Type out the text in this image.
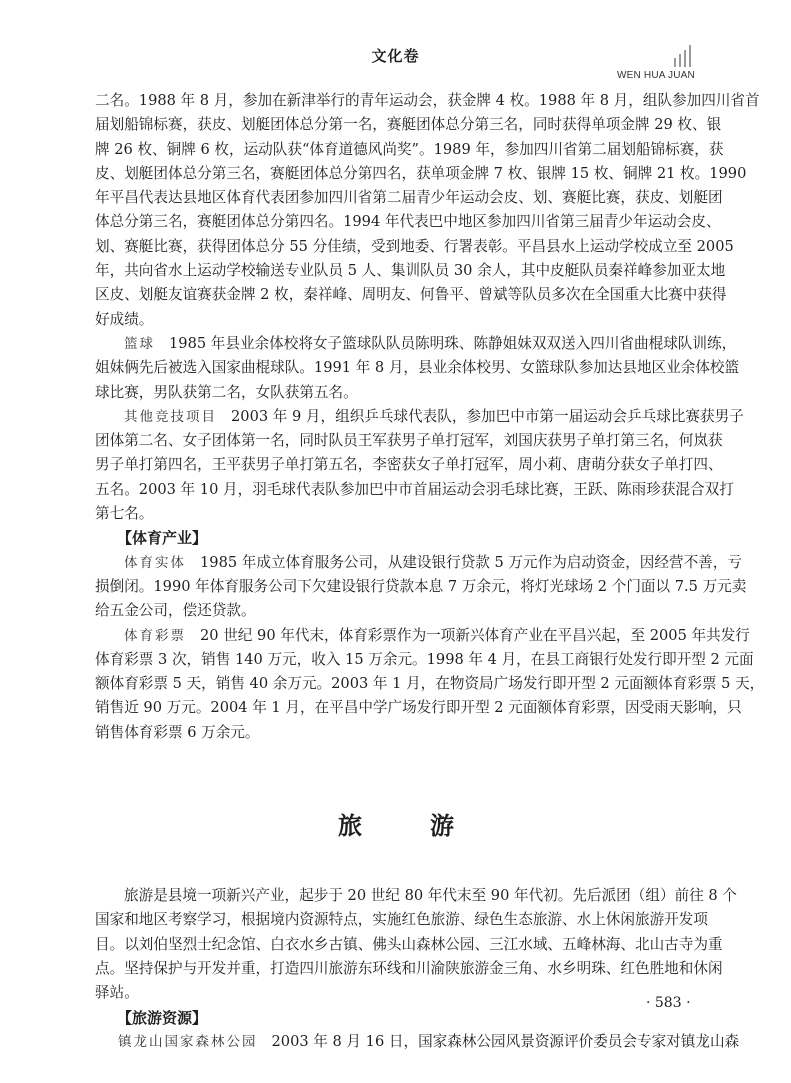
文化卷
WEN HUA JUAN
二名。1988 年 8 月，参加在新津举行的青年运动会，获金牌 4 枚。1988 年 8 月，组队参加四川省首
届划船锦标赛，获皮、划艇团体总分第一名，赛艇团体总分第三名，同时获得单项金牌 29 枚、银
牌 26 枚、铜牌 6 枚，运动队获“体育道德风尚奖”。1989 年，参加四川省第二届划船锦标赛，获
皮、划艇团体总分第三名，赛艇团体总分第四名，获单项金牌 7 枚、银牌 15 枚、铜牌 21 枚。1990
年平昌代表达县地区体育代表团参加四川省第二届青少年运动会皮、划、赛艇比赛，获皮、划艇团
体总分第三名，赛艇团体总分第四名。1994 年代表巴中地区参加四川省第三届青少年运动会皮、
划、赛艇比赛，获得团体总分 55 分佳绩，受到地委、行署表彰。平昌县水上运动学校成立至 2005
年，共向省水上运动学校输送专业队员 5 人、集训队员 30 余人，其中皮艇队员秦祥峰参加亚太地
区皮、划艇友谊赛获金牌 2 枚，秦祥峰、周明友、何鲁平、曾斌等队员多次在全国重大比赛中获得
好成绩。
篮球 1985 年县业余体校将女子篮球队队员陈明珠、陈静姐妹双双送入四川省曲棍球队训练，
姐妹俩先后被选入国家曲棍球队。1991 年 8 月，县业余体校男、女篮球队参加达县地区业余体校篮
球比赛，男队获第二名，女队获第五名。
其他竞技项目 2003 年 9 月，组织乒乓球代表队，参加巴中市第一届运动会乒乓球比赛获男子
团体第二名、女子团体第一名，同时队员王军获男子单打冠军，刘国庆获男子单打第三名，何岚获
男子单打第四名，王平获男子单打第五名，李密获女子单打冠军，周小莉、唐萌分获女子单打四、
五名。2003 年 10 月，羽毛球代表队参加巴中市首届运动会羽毛球比赛，王跃、陈雨珍获混合双打
第七名。
【体育产业】
体育实体 1985 年成立体育服务公司，从建设银行贷款 5 万元作为启动资金，因经营不善，亏
损倒闭。1990 年体育服务公司下欠建设银行贷款本息 7 万余元，将灯光球场 2 个门面以 7.5 万元卖
给五金公司，偿还贷款。
体育彩票 20 世纪 90 年代末，体育彩票作为一项新兴体育产业在平昌兴起，至 2005 年共发行
体育彩票 3 次，销售 140 万元，收入 15 万余元。1998 年 4 月，在县工商银行处发行即开型 2 元面
额体育彩票 5 天，销售 40 余万元。2003 年 1 月，在物资局广场发行即开型 2 元面额体育彩票 5 天，
销售近 90 万元。2004 年 1 月，在平昌中学广场发行即开型 2 元面额体育彩票，因受雨天影响，只
销售体育彩票 6 万余元。
旅　游
旅游是县境一项新兴产业，起步于 20 世纪 80 年代末至 90 年代初。先后派团（组）前往 8 个
国家和地区考察学习，根据境内资源特点，实施红色旅游、绿色生态旅游、水上休闲旅游开发项
目。以刘伯坚烈士纪念馆、白衣水乡古镇、佛头山森林公园、三江水域、五峰林海、北山古寺为重
点。坚持保护与开发并重，打造四川旅游东环线和川渝陕旅游金三角、水乡明珠、红色胜地和休闲
驿站。
【旅游资源】
镇龙山国家森林公园 2003 年 8 月 16 日，国家森林公园风景资源评价委员会专家对镇龙山森
· 583 ·
